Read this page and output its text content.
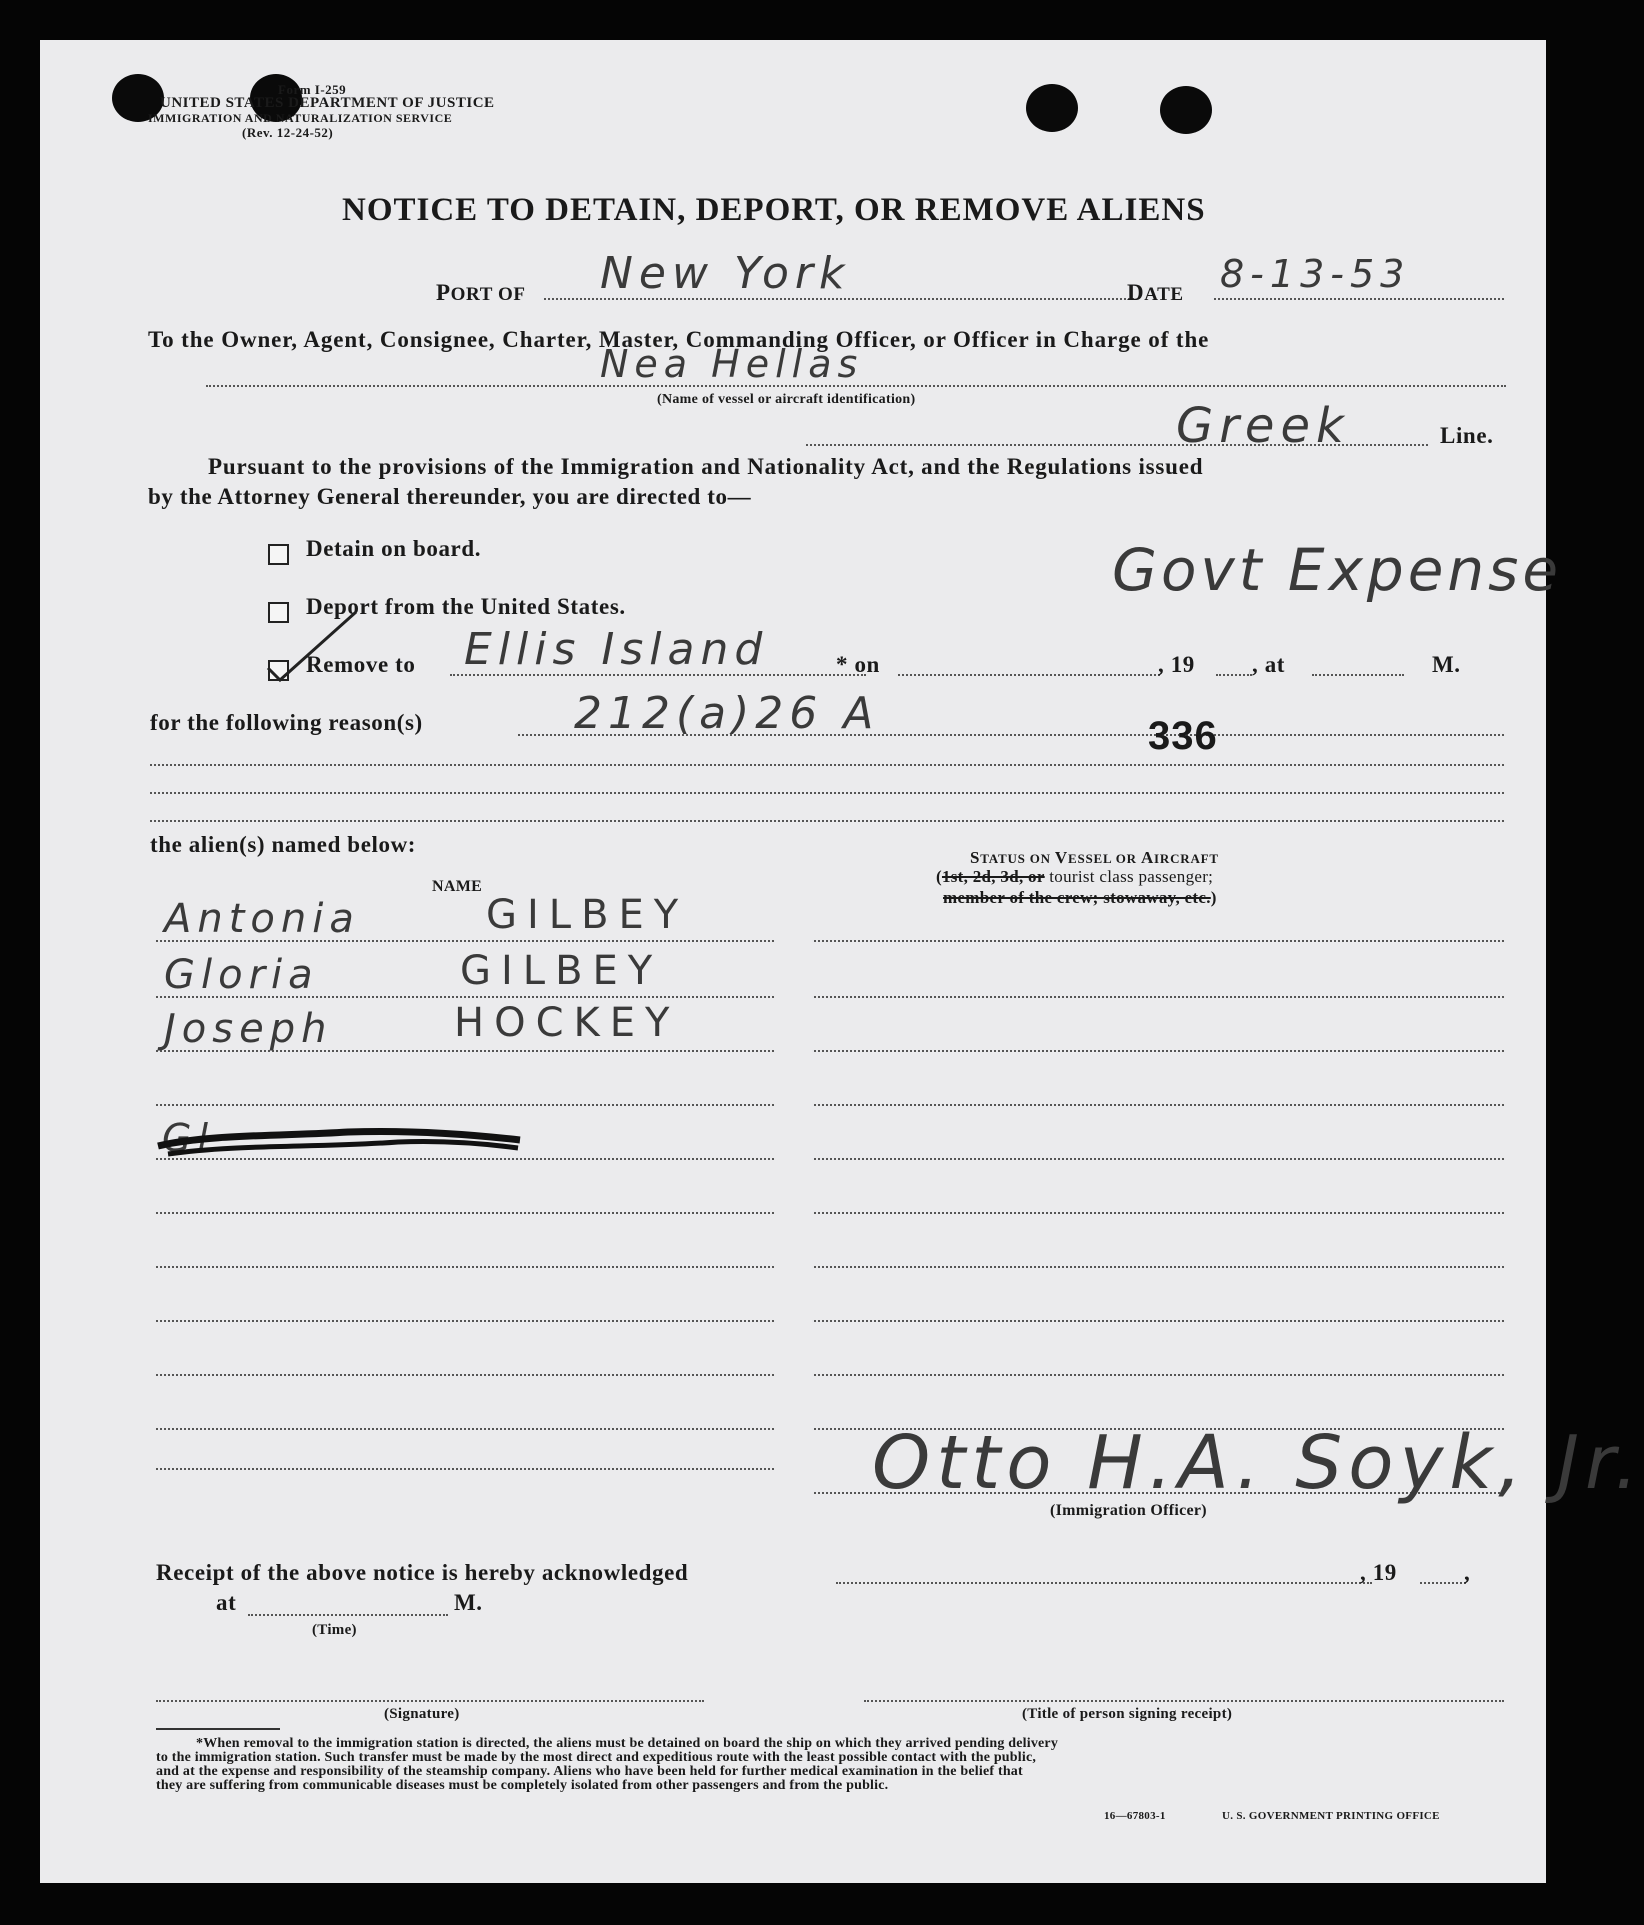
Form I-259
UNITED STATES DEPARTMENT OF JUSTICE
IMMIGRATION AND NATURALIZATION SERVICE
(Rev. 12-24-52)
NOTICE TO DETAIN, DEPORT, OR REMOVE ALIENS
PORT OF New York	DATE 8-13-53
To the Owner, Agent, Consignee, Charter, Master, Commanding Officer, or Officer in Charge of the
Nea Hellas
(Name of vessel or aircraft identification)	Greek	Line.
Pursuant to the provisions of the Immigration and Nationality Act, and the Regulations issued
by the Attorney General thereunder, you are directed to—
Detain on board.
Deport from the United States.
Remove to Ellis Island	* on	, 19 , at	M.
Govt Expense
for the following reason(s)	212(a)26 A	336
the alien(s) named below:
NAME
STATUS ON VESSEL OR AIRCRAFT
(1st, 2d, 3d, or tourist class passenger;
member of the crew; stowaway, etc.)
Antonia	GILBEY
Gloria	GILBEY
Joseph	HOCKEY
Gl
Otto H.A. Soyk, Jr.
(Immigration Officer)
Receipt of the above notice is hereby acknowledged	, 19	,
at	M.
(Time)
(Signature)	(Title of person signing receipt)
*When removal to the immigration station is directed, the aliens must be detained on board the ship on which they arrived pending delivery
to the immigration station. Such transfer must be made by the most direct and expeditious route with the least possible contact with the public,
and at the expense and responsibility of the steamship company. Aliens who have been held for further medical examination in the belief that
they are suffering from communicable diseases must be completely isolated from other passengers and from the public.
16—67803-1	U. S. GOVERNMENT PRINTING OFFICE
